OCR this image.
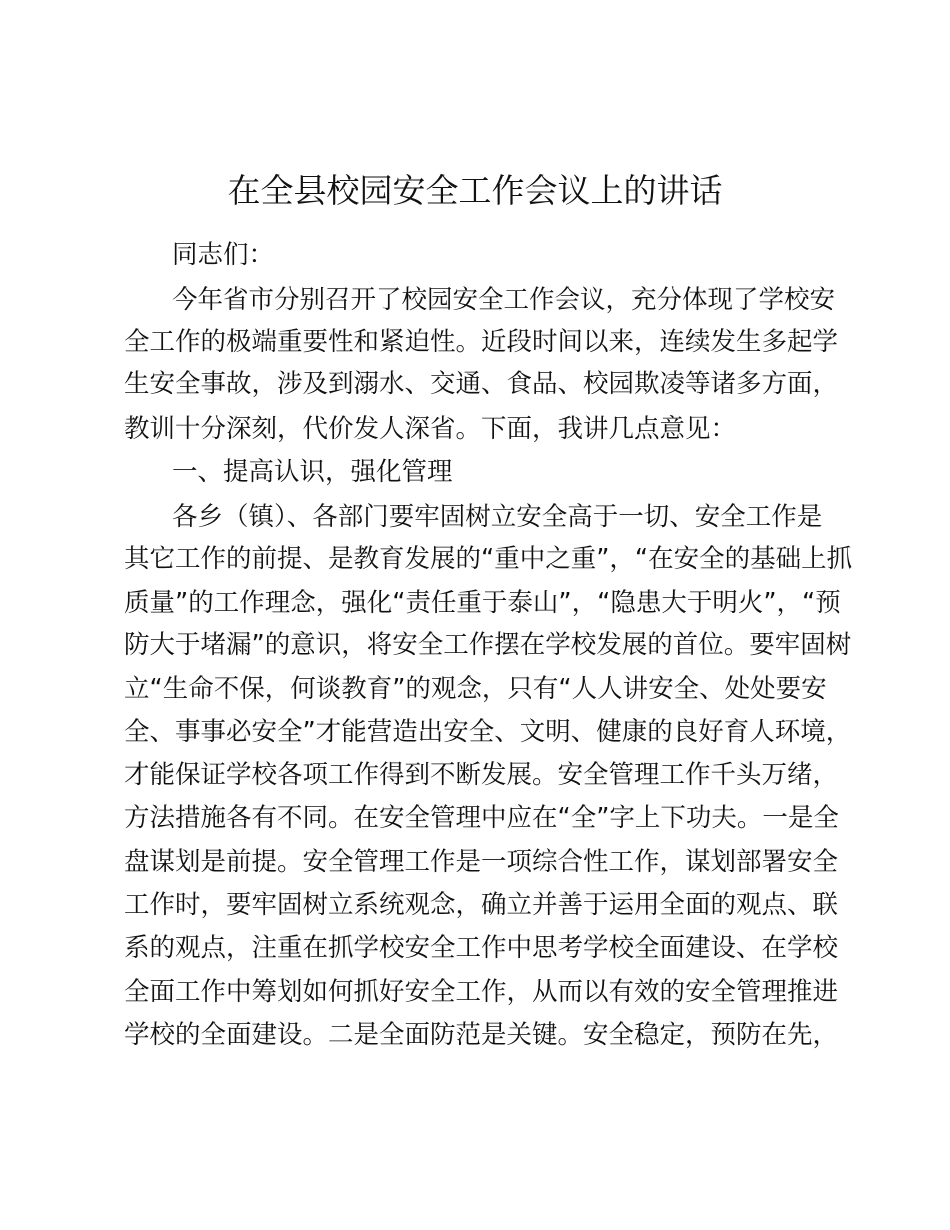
在全县校园安全工作会议上的讲话

同志们：

今年省市分别召开了校园安全工作会议，充分体现了学校安

全工作的极端重要性和紧迫性。近段时间以来，连续发生多起学

生安全事故，涉及到溺水、交通、食品、校园欺凌等诸多方面，

教训十分深刻，代价发人深省。下面，我讲几点意见：

一、提高认识，强化管理

各乡（镇）、各部门要牢固树立安全高于一切、安全工作是

其它工作的前提、是教育发展的“重中之重”，“在安全的基础上抓

质量”的工作理念，强化“责任重于泰山”，“隐患大于明火”，“预

防大于堵漏”的意识，将安全工作摆在学校发展的首位。要牢固树

立“生命不保，何谈教育”的观念，只有“人人讲安全、处处要安

全、事事必安全”才能营造出安全、文明、健康的良好育人环境，

才能保证学校各项工作得到不断发展。安全管理工作千头万绪，

方法措施各有不同。在安全管理中应在“全”字上下功夫。一是全

盘谋划是前提。安全管理工作是一项综合性工作，谋划部署安全

工作时，要牢固树立系统观念，确立并善于运用全面的观点、联

系的观点，注重在抓学校安全工作中思考学校全面建设、在学校

全面工作中筹划如何抓好安全工作，从而以有效的安全管理推进

学校的全面建设。二是全面防范是关键。安全稳定，预防在先，
